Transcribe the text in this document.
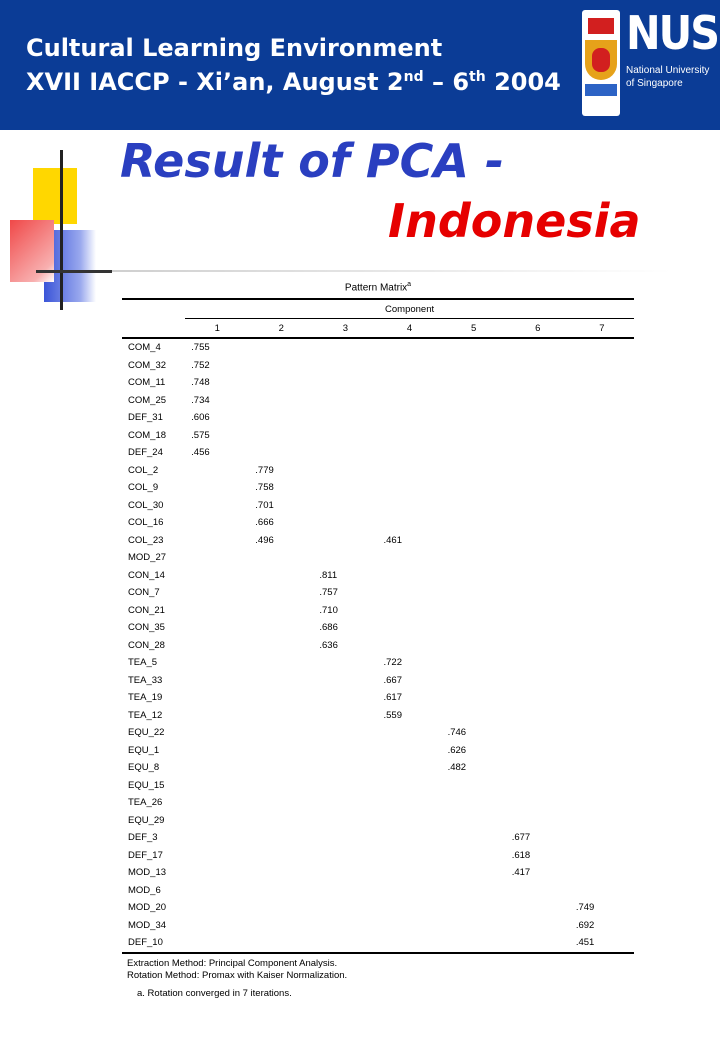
Cultural Learning Environment
XVII IACCP - Xi’an, August 2nd – 6th 2004
NUS
National University
of Singapore
Result of PCA -
Indonesia
Pattern Matrix$^a$
	Component						
	1	2	3	4	5	6	7
COM_4	.755						
COM_32	.752						
COM_11	.748						
COM_25	.734						
DEF_31	.606						
COM_18	.575						
DEF_24	.456						
COL_2		.779					
COL_9		.758					
COL_30		.701					
COL_16		.666					
COL_23		.496		.461			
MOD_27							
CON_14			.811				
CON_7			.757				
CON_21			.710				
CON_35			.686				
CON_28			.636				
TEA_5				.722			
TEA_33				.667			
TEA_19				.617			
TEA_12				.559			
EQU_22					.746		
EQU_1					.626		
EQU_8					.482		
EQU_15							
TEA_26							
EQU_29							
DEF_3						.677	
DEF_17						.618	
MOD_13						.417	
MOD_6							
MOD_20							.749
MOD_34							.692
DEF_10							.451
Extraction Method: Principal Component Analysis.
Rotation Method: Promax with Kaiser Normalization.
a. Rotation converged in 7 iterations.
